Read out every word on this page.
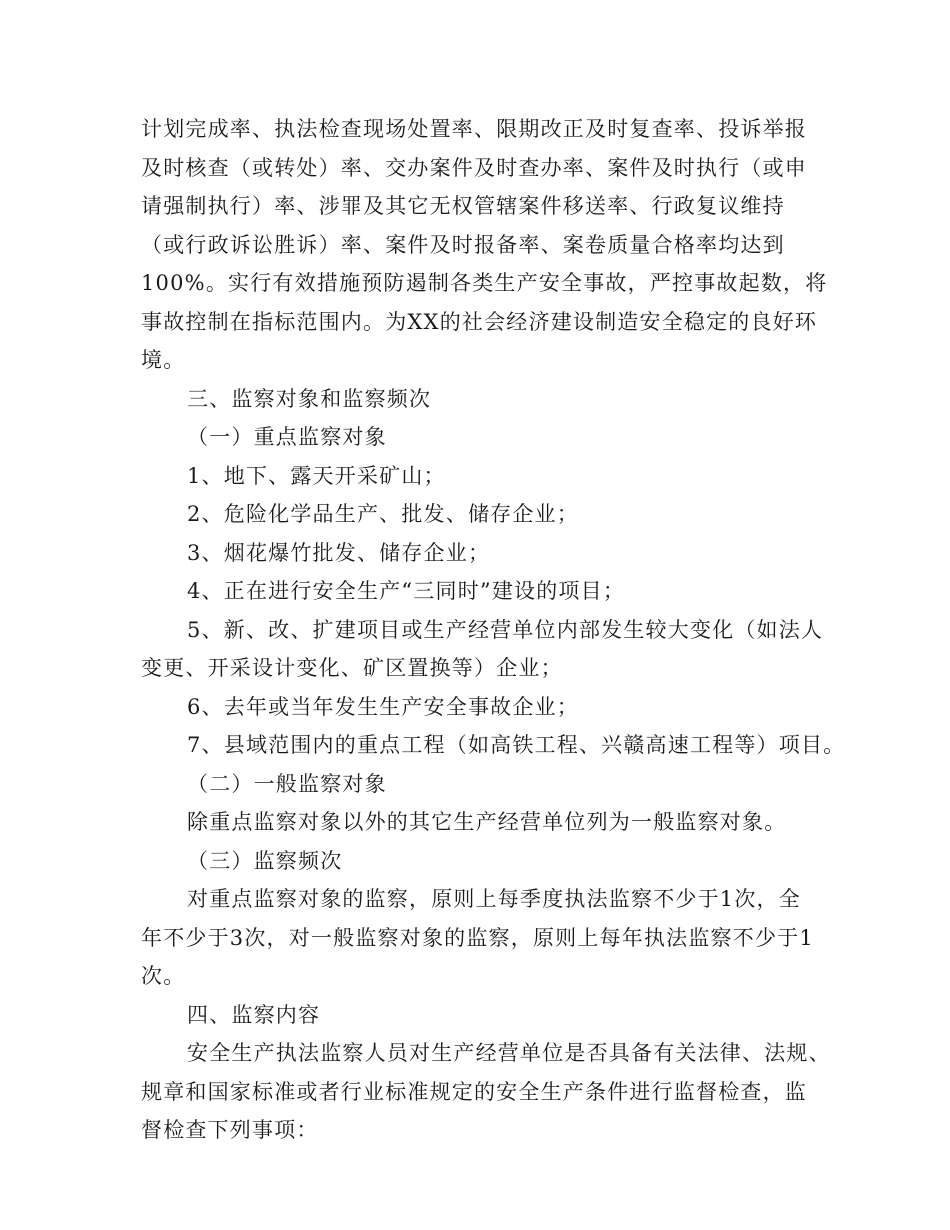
计划完成率、执法检查现场处置率、限期改正及时复查率、投诉举报
及时核查（或转处）率、交办案件及时查办率、案件及时执行（或申
请强制执行）率、涉罪及其它无权管辖案件移送率、行政复议维持
（或行政诉讼胜诉）率、案件及时报备率、案卷质量合格率均达到
100%。实行有效措施预防遏制各类生产安全事故，严控事故起数，将
事故控制在指标范围内。为XX的社会经济建设制造安全稳定的良好环
境。
三、监察对象和监察频次
（一）重点监察对象
1、地下、露天开采矿山；
2、危险化学品生产、批发、储存企业；
3、烟花爆竹批发、储存企业；
4、正在进行安全生产“三同时”建设的项目；
5、新、改、扩建项目或生产经营单位内部发生较大变化（如法人
变更、开采设计变化、矿区置换等）企业；
6、去年或当年发生生产安全事故企业；
7、县域范围内的重点工程（如高铁工程、兴赣高速工程等）项目。
（二）一般监察对象
除重点监察对象以外的其它生产经营单位列为一般监察对象。
（三）监察频次
对重点监察对象的监察，原则上每季度执法监察不少于1次，全
年不少于3次，对一般监察对象的监察，原则上每年执法监察不少于1
次。
四、监察内容
安全生产执法监察人员对生产经营单位是否具备有关法律、法规、
规章和国家标准或者行业标准规定的安全生产条件进行监督检查，监
督检查下列事项：
